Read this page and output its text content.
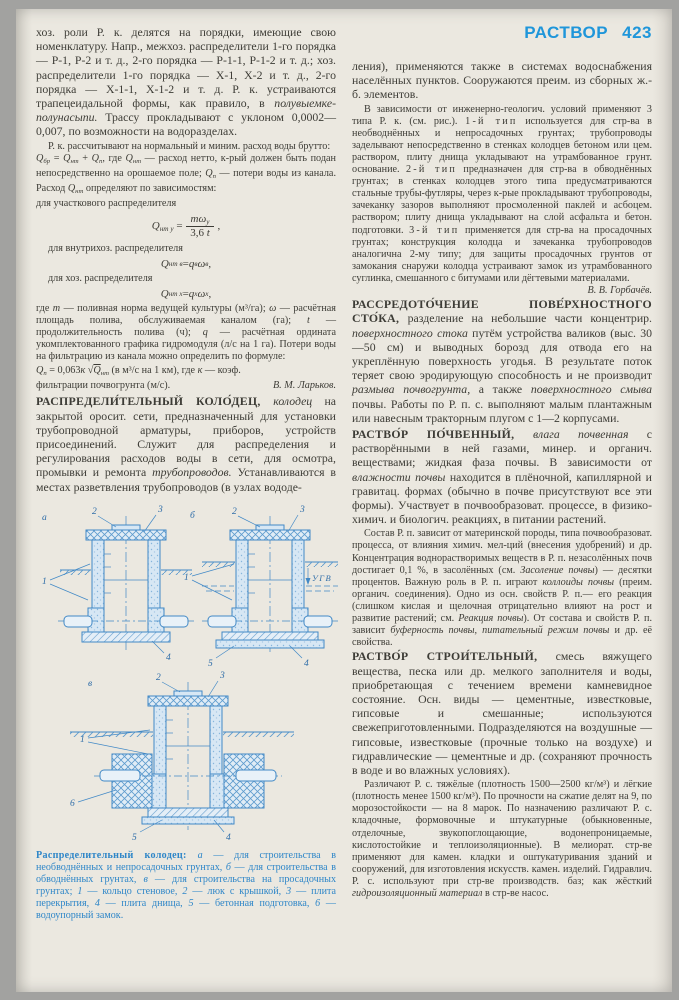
хоз. роли Р. к. делятся на порядки, имеющие свою номенклатуру. Напр., межхоз. распределители 1-го порядка — Р-1, Р-2 и т. д., 2-го порядка — Р-1-1, Р-1-2 и т. д.; хоз. распределители 1-го порядка — Х-1, Х-2 и т. д., 2-го порядка — Х-1-1, Х-1-2 и т. д. Р. к. устраиваются трапецеидальной формы, как правило, в полувыемке-полунасыпи. Трассу прокладывают с уклоном 0,0002—0,007, по возможности на водоразделах.

Р. к. рассчитывают на нормальный и миним. расход воды брутто:

Qбр = Qнт + Qп, где Qнт — расход нетто, к-рый должен быть подан непосредственно на орошаемое поле; Qп — потери воды из канала. Расход Qнт определяют по зависимостям:

для участкового распределителя

Qнт $у = \frac{\text{mωу}}{3,6 t}$ ,

для внутрихоз. распределителя

Q нт в = q в ω в ,

для хоз. распределителя

Q нт х = q х ω х ,

где m — поливная норма ведущей культуры (м³/га); ω — расчётная площадь полива, обслуживаемая каналом (га); t — продолжительность полива (ч); q — расчётная ордината укомплектованного графика гидромодуля (л/с на 1 га). Потери воды на фильтрацию из канала можно определить по формуле:

Qп = 0,063к √Qнт (в м³/с на 1 км), где к — коэф.

фильтрации почвогрунта (м/с).	В. М. Ларьков.

РАСПРЕДЕЛИ́ТЕЛЬНЫЙ КОЛО́ДЕЦ, колодец на закрытой оросит. сети, предназначенный для установки трубопроводной арматуры, приборов, устройств присоединений. Служит для распределения и регулирования расходов воды в сети, для осмотра, промывки и ремонта трубопроводов. Устанавливаются в местах разветвления трубопроводов (в узлах вододе-

а
2	3
1
4
б	2	3
1	УГВ
5	4
в
2	3
1
6
5	4
Распределительный колодец: а — для строительства в необводнённых и непросадочных грунтах, б — для строительства в обводнённых грунтах, в — для строительства на просадочных грунтах; 1 — кольцо стеновое, 2 — люк с крышкой, 3 — плита перекрытия, 4 — плита днища, 5 — бетонная подготовка, 6 — водоупорный замок.
РАСТВОР 423

ления), применяются также в системах водоснабжения населённых пунктов. Сооружаются преим. из сборных ж.-б. элементов.

В зависимости от инженерно-геологич. условий применяют 3 типа Р. к. (см. рис.). 1-й тип используется для стр-ва в необводнённых и непросадочных грунтах; трубопроводы заделывают непосредственно в стенках колодцев бетоном или цем. раствором, плиту днища укладывают на утрамбованное грунт. основание. 2-й тип предназначен для стр-ва в обводнённых грунтах; в стенках колодцев этого типа предусматриваются стальные трубы-футляры, через к-рые прокладывают трубопроводы, зачеканку зазоров выполняют просмоленной паклей и асбоцем. раствором; плиту днища укладывают на слой асфальта и бетон. подготовки. 3-й тип применяется для стр-ва на просадочных грунтах; конструкция колодца и зачеканка трубопроводов аналогична 2-му типу; для защиты просадочных грунтов от замокания снаружи колодца устраивают замок из утрамбованного суглинка, смешанного с битумами или дёгтевыми материалами.

В. В. Горбачёв.

РАССРЕДОТО́ЧЕНИЕ ПОВЕ́РХНОСТНОГО СТО́КА, разделение на небольшие части концентрир. поверхностного стока путём устройства валиков (выс. 30—50 см) и выводных борозд для отвода его на укреплённую поверхность угодья. В результате поток теряет свою эродирующую способность и не производит размыва почвогрунта, а также поверхностного смыва почвы. Работы по Р. п. с. выполняют малым плантажным или навесным тракторным плугом с 1—2 корпусами.

РАСТВО́Р ПО́ЧВЕННЫЙ, влага почвенная с растворёнными в ней газами, минер. и органич. веществами; жидкая фаза почвы. В зависимости от влажности почвы находится в плёночной, капиллярной и гравитац. формах (обычно в почве присутствуют все эти формы). Участвует в почвообразоват. процессе, в физико-химич. и биологич. реакциях, в питании растений.

Состав Р. п. зависит от материнской породы, типа почвообразоват. процесса, от влияния химич. мел-ций (внесения удобрений) и др. Концентрация воднорастворимых веществ в Р. п. незасолённых почв достигает 0,1 %, в засолённых (см. Засоление почвы) — десятки процентов. Важную роль в Р. п. играют коллоиды почвы (преим. органич. соединения). Одно из осн. свойств Р. п.— его реакция (слишком кислая и щелочная отрицательно влияют на рост и развитие растений; см. Реакция почвы). От состава и свойств Р. п. зависит буферность почвы, питательный режим почвы и др. её свойства.

РАСТВО́Р СТРОИ́ТЕЛЬНЫЙ, смесь вяжущего вещества, песка или др. мелкого заполнителя и воды, приобретающая с течением времени камневидное состояние. Осн. виды — цементные, известковые, гипсовые и смешанные; используются свежеприготовленными. Подразделяются на воздушные — гипсовые, известковые (прочные только на воздухе) и гидравлические — цементные и др. (сохраняют прочность в воде и во влажных условиях).

Различают Р. с. тяжёлые (плотность 1500—2500 кг/м³) и лёгкие (плотность менее 1500 кг/м³). По прочности на сжатие делят на 9, по морозостойкости — на 8 марок. По назначению различают Р. с. кладочные, формовочные и штукатурные (обыкновенные, отделочные, звукопоглощающие, водонепроницаемые, кислотостойкие и теплоизоляционные). В мелиорат. стр-ве применяют для камен. кладки и оштукатуривания зданий и сооружений, для изготовления искусств. камен. изделий. Гидравлич. Р. с. используют при стр-ве производств. баз; как жёсткий гидроизоляционный материал в стр-ве насос.
